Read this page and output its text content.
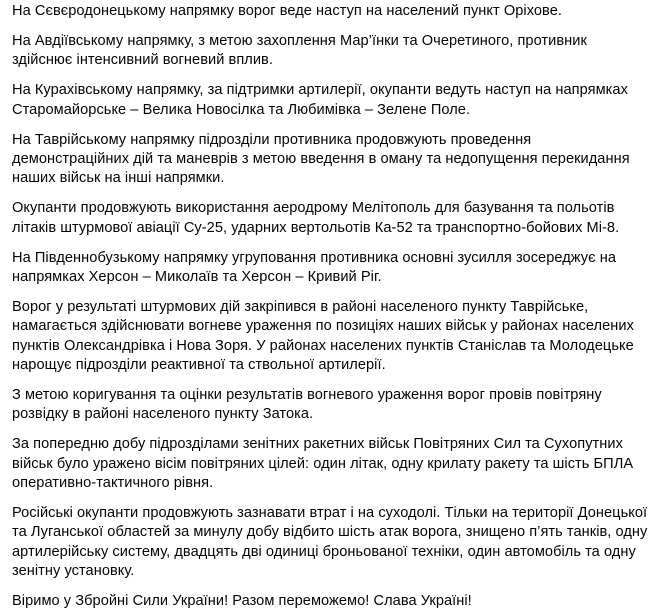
На Сєвєродонецькому напрямку ворог веде наступ на населений пункт Оріхове.

На Авдіївському напрямку, з метою захоплення Мар’їнки та Очеретиного, противник
здійснює інтенсивний вогневий вплив.

На Курахівському напрямку, за підтримки артилерії, окупанти ведуть наступ на напрямках
Старомайорське – Велика Новосілка та Любимівка – Зелене Поле.

На Таврійському напрямку підрозділи противника продовжують проведення
демонстраційних дій та маневрів з метою введення в оману та недопущення перекидання
наших військ на інші напрямки.

Окупанти продовжують використання аеродрому Мелітополь для базування та польотів
літаків штурмової авіації Су-25, ударних вертольотів Ка-52 та транспортно-бойових Мі-8.

На Південнобузькому напрямку угруповання противника основні зусилля зосереджує на
напрямках Херсон – Миколаїв та Херсон – Кривий Ріг.

Ворог у результаті штурмових дій закріпився в районі населеного пункту Таврійське,
намагається здійснювати вогневе ураження по позиціях наших військ у районах населених
пунктів Олександрівка і Нова Зоря. У районах населених пунктів Станіслав та Молодецьке
нарощує підрозділи реактивної та ствольної артилерії.

З метою коригування та оцінки результатів вогневого ураження ворог провів повітряну
розвідку в районі населеного пункту Затока.

За попередню добу підрозділами зенітних ракетних військ Повітряних Сил та Сухопутних
військ було уражено вісім повітряних цілей: один літак, одну крилату ракету та шість БПЛА
оперативно-тактичного рівня.

Російські окупанти продовжують зазнавати втрат і на суходолі. Тільки на території Донецької
та Луганської областей за минулу добу відбито шість атак ворога, знищено п’ять танків, одну
артилерійську систему, двадцять дві одиниці броньованої техніки, один автомобіль та одну
зенітну установку.

Віримо у Збройні Сили України! Разом переможемо! Слава Україні!
